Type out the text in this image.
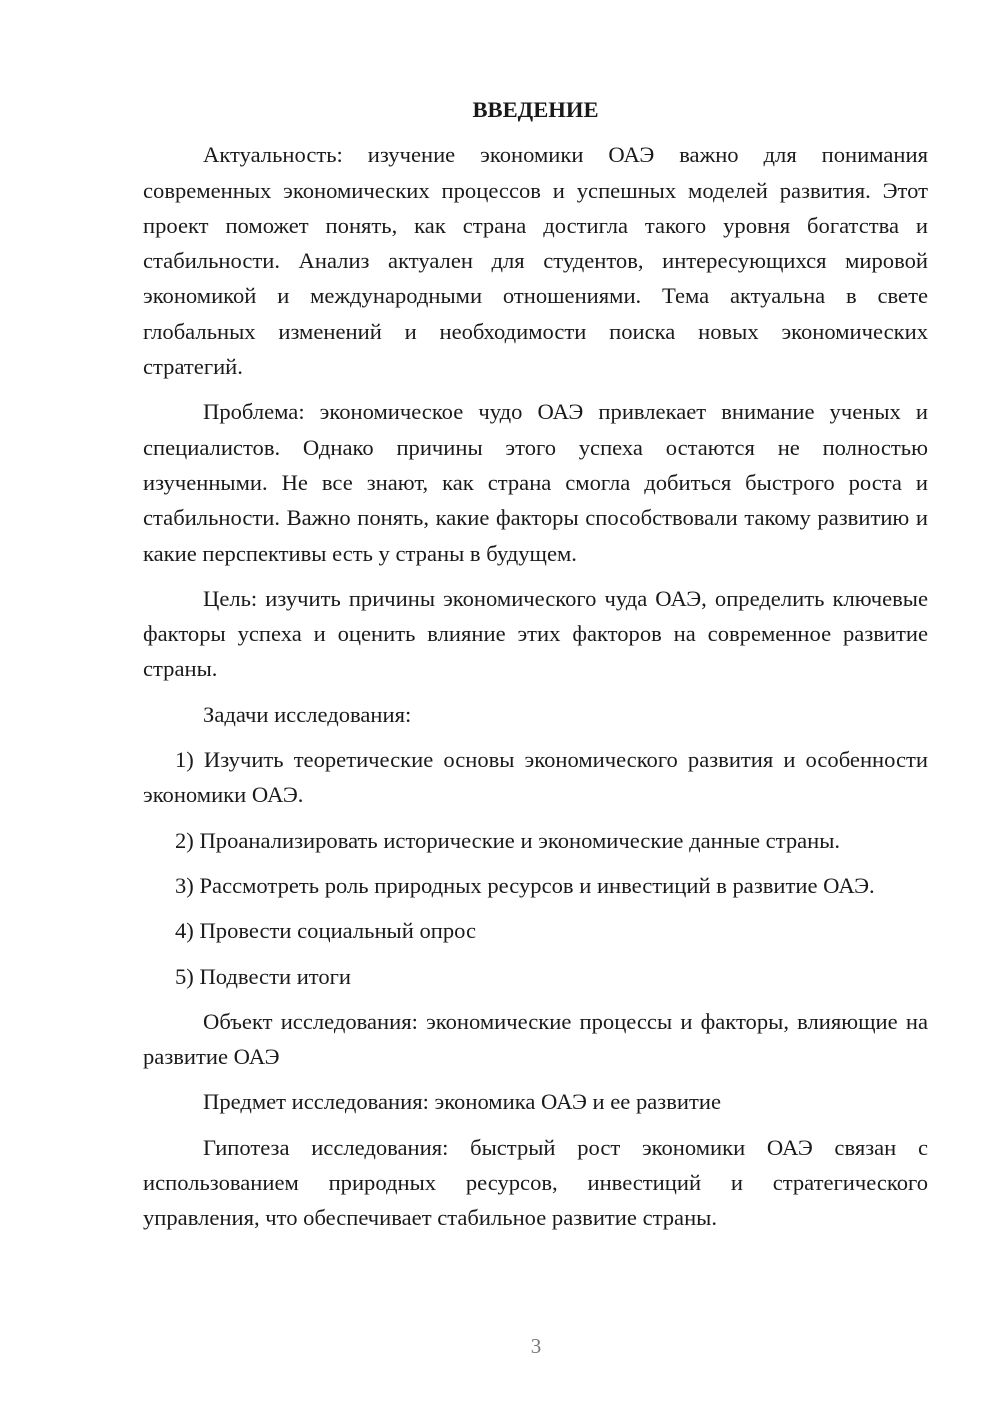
ВВЕДЕНИЕ

Актуальность: изучение экономики ОАЭ важно для понимания современных экономических процессов и успешных моделей развития. Этот проект поможет понять, как страна достигла такого уровня богатства и стабильности. Анализ актуален для студентов, интересующихся мировой экономикой и международными отношениями. Тема актуальна в свете глобальных изменений и необходимости поиска новых экономических стратегий.

Проблема: экономическое чудо ОАЭ привлекает внимание ученых и специалистов. Однако причины этого успеха остаются не полностью изученными. Не все знают, как страна смогла добиться быстрого роста и стабильности. Важно понять, какие факторы способствовали такому развитию и какие перспективы есть у страны в будущем.

Цель: изучить причины экономического чуда ОАЭ, определить ключевые факторы успеха и оценить влияние этих факторов на современное развитие страны.

Задачи исследования:

1) Изучить теоретические основы экономического развития и особенности экономики ОАЭ.

2) Проанализировать исторические и экономические данные страны.

3) Рассмотреть роль природных ресурсов и инвестиций в развитие ОАЭ.

4) Провести социальный опрос

5) Подвести итоги

Объект исследования: экономические процессы и факторы, влияющие на развитие ОАЭ

Предмет исследования: экономика ОАЭ и ее развитие

Гипотеза исследования: быстрый рост экономики ОАЭ связан с использованием природных ресурсов, инвестиций и стратегического управления, что обеспечивает стабильное развитие страны.

3
